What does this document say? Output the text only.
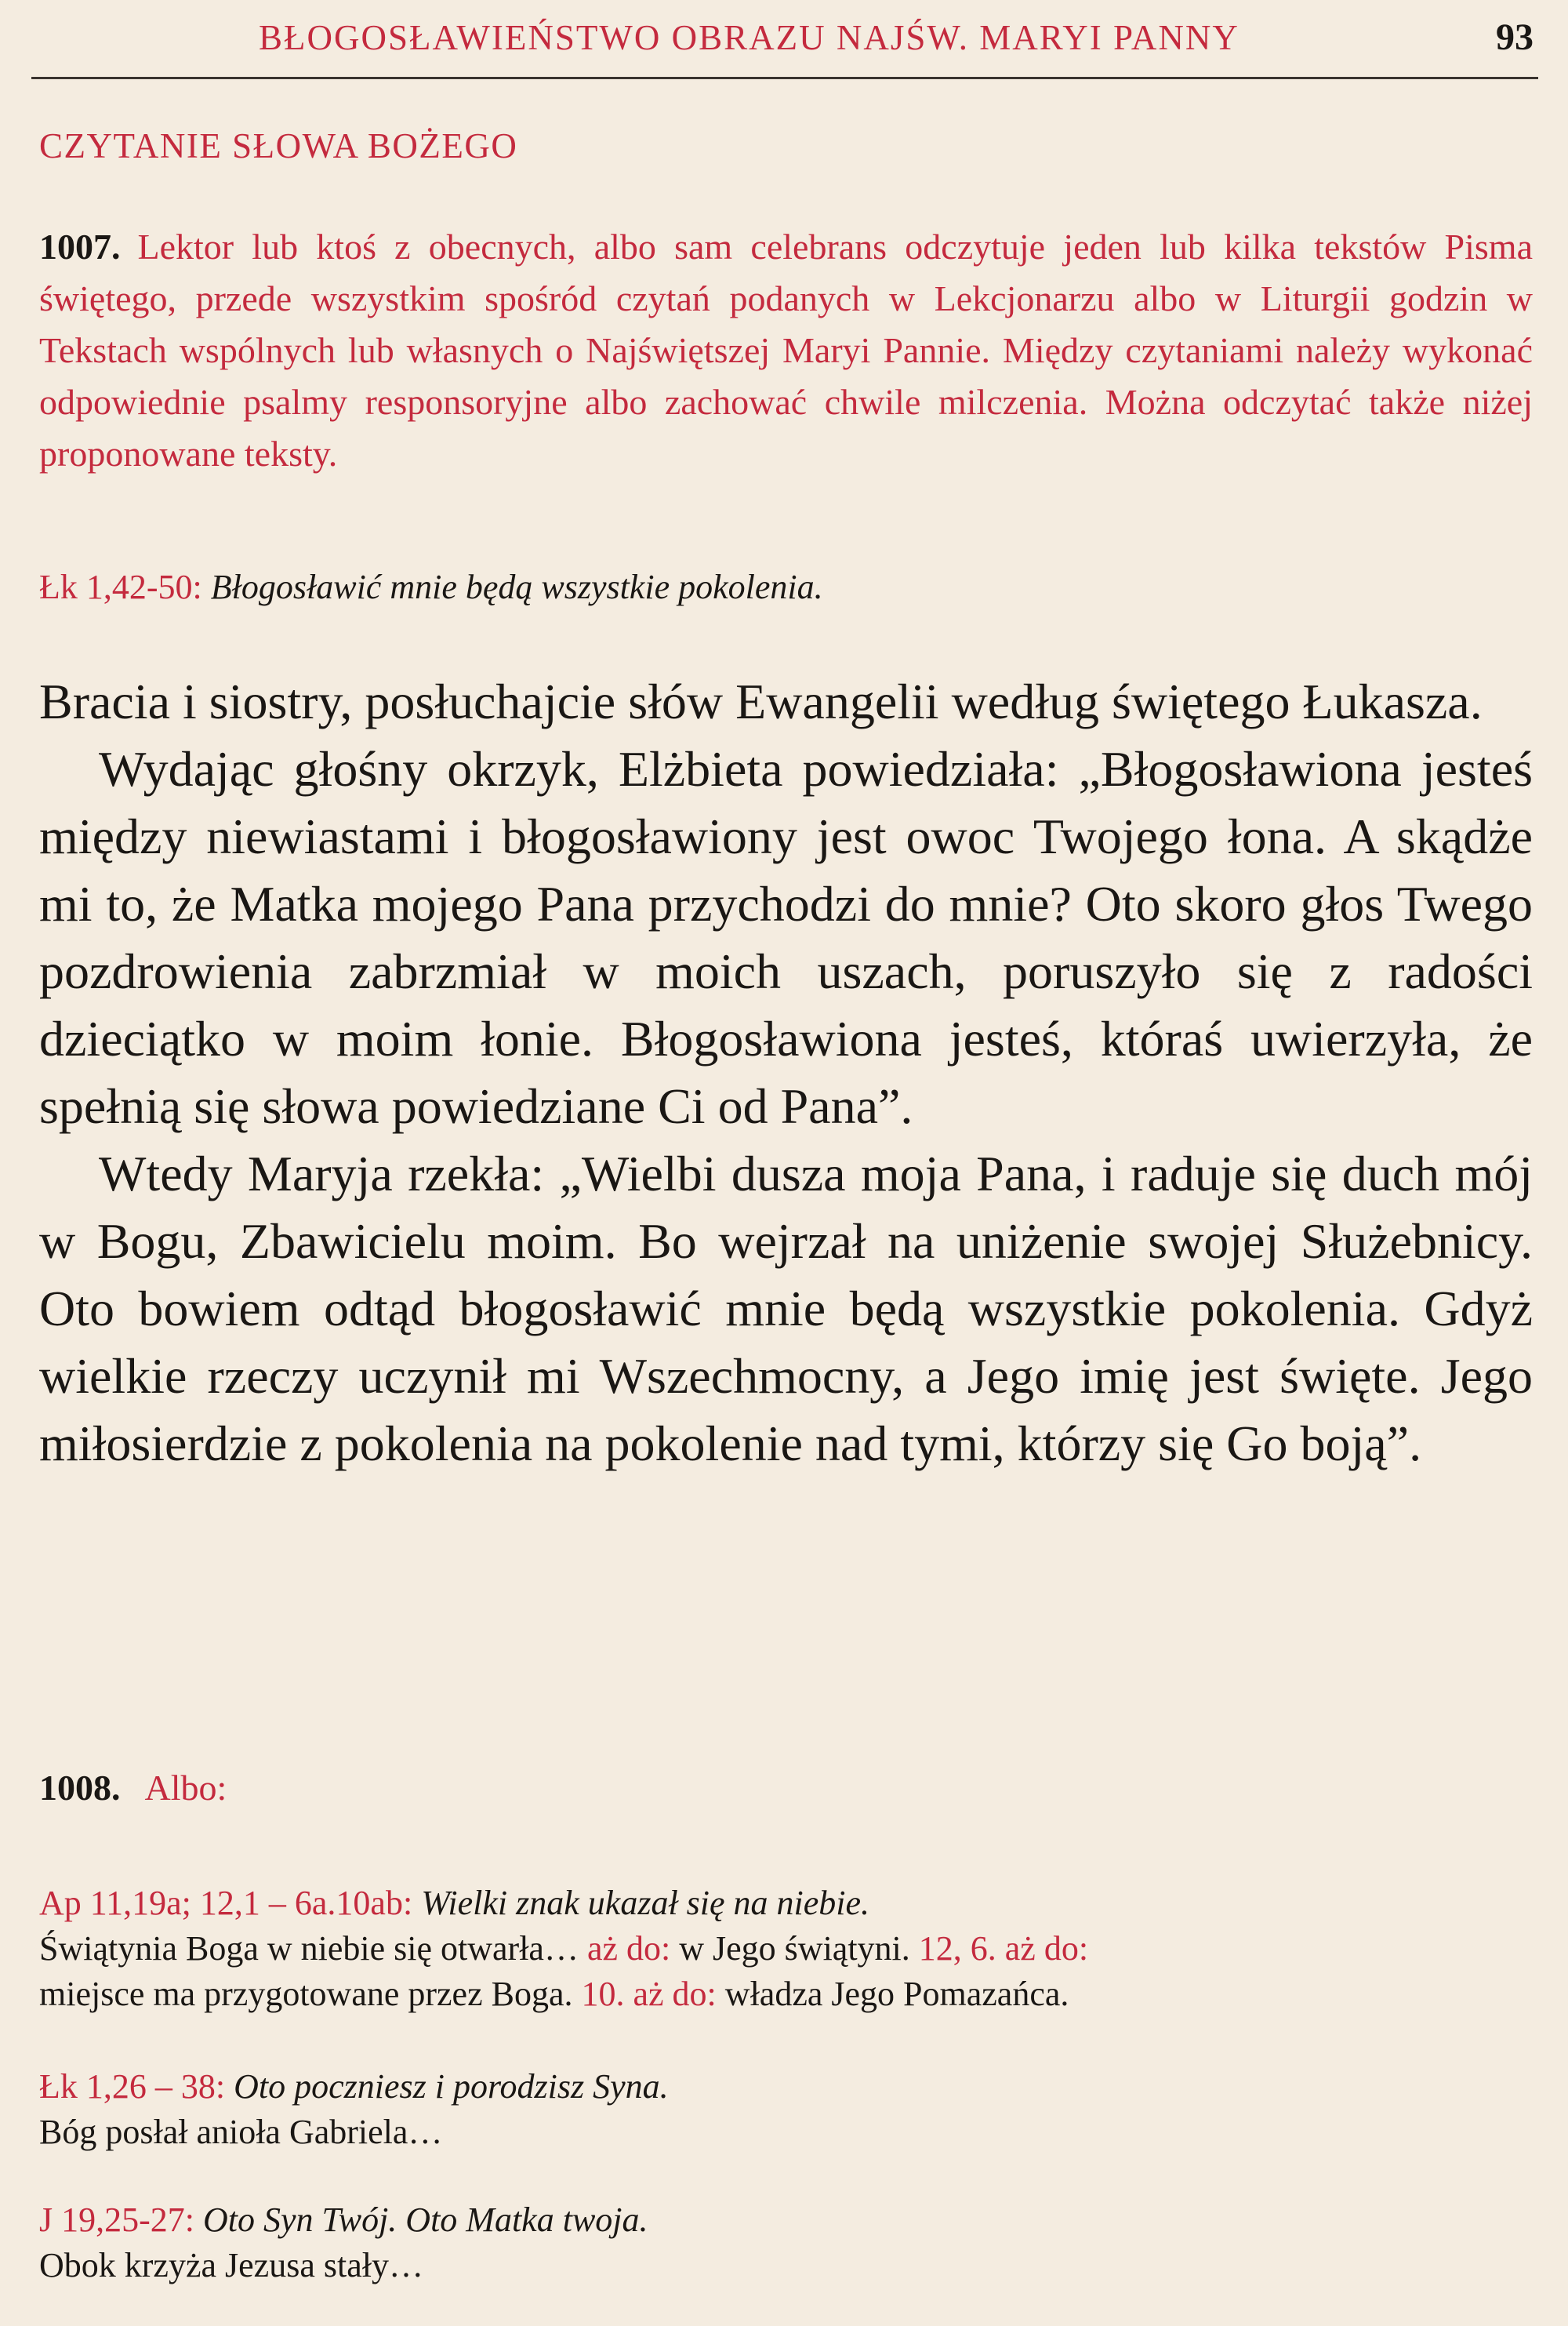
BŁOGOSŁAWIEŃSTWO OBRAZU NAJŚW. MARYI PANNY	93
CZYTANIE SŁOWA BOŻEGO

1007. Lektor lub ktoś z obecnych, albo sam celebrans odczytuje jeden lub kilka tekstów Pisma świętego, przede wszystkim spośród czytań podanych w Lekcjonarzu albo w Liturgii godzin w Tekstach wspólnych lub własnych o Najświętszej Maryi Pannie. Między czytaniami należy wykonać odpowiednie psalmy responsoryjne albo zachować chwile milczenia. Można odczytać także niżej proponowane teksty.

Łk 1,42-50: Błogosławić mnie będą wszystkie pokolenia.

Bracia i siostry, posłuchajcie słów Ewangelii według świętego Łukasza.

Wydając głośny okrzyk, Elżbieta powiedziała: „Błogosławiona jesteś między niewiastami i błogosławiony jest owoc Twojego łona. A skądże mi to, że Matka mojego Pana przychodzi do mnie? Oto skoro głos Twego pozdrowienia zabrzmiał w moich uszach, poruszyło się z radości dzieciątko w moim łonie. Błogosławiona jesteś, któraś uwierzyła, że spełnią się słowa powiedziane Ci od Pana”.

Wtedy Maryja rzekła: „Wielbi dusza moja Pana, i raduje się duch mój w Bogu, Zbawicielu moim. Bo wejrzał na uniżenie swojej Służebnicy. Oto bowiem odtąd błogosławić mnie będą wszystkie pokolenia. Gdyż wielkie rzeczy uczynił mi Wszechmocny, a Jego imię jest święte. Jego miłosierdzie z pokolenia na pokolenie nad tymi, którzy się Go boją”.

1008. Albo:

Ap 11,19a; 12,1 – 6a.10ab: Wielki znak ukazał się na niebie.
Świątynia Boga w niebie się otwarła… aż do: w Jego świątyni. 12, 6. aż do:
miejsce ma przygotowane przez Boga. 10. aż do: władza Jego Pomazańca.

Łk 1,26 – 38: Oto poczniesz i porodzisz Syna.
Bóg posłał anioła Gabriela…

J 19,25-27: Oto Syn Twój. Oto Matka twoja.
Obok krzyża Jezusa stały…
